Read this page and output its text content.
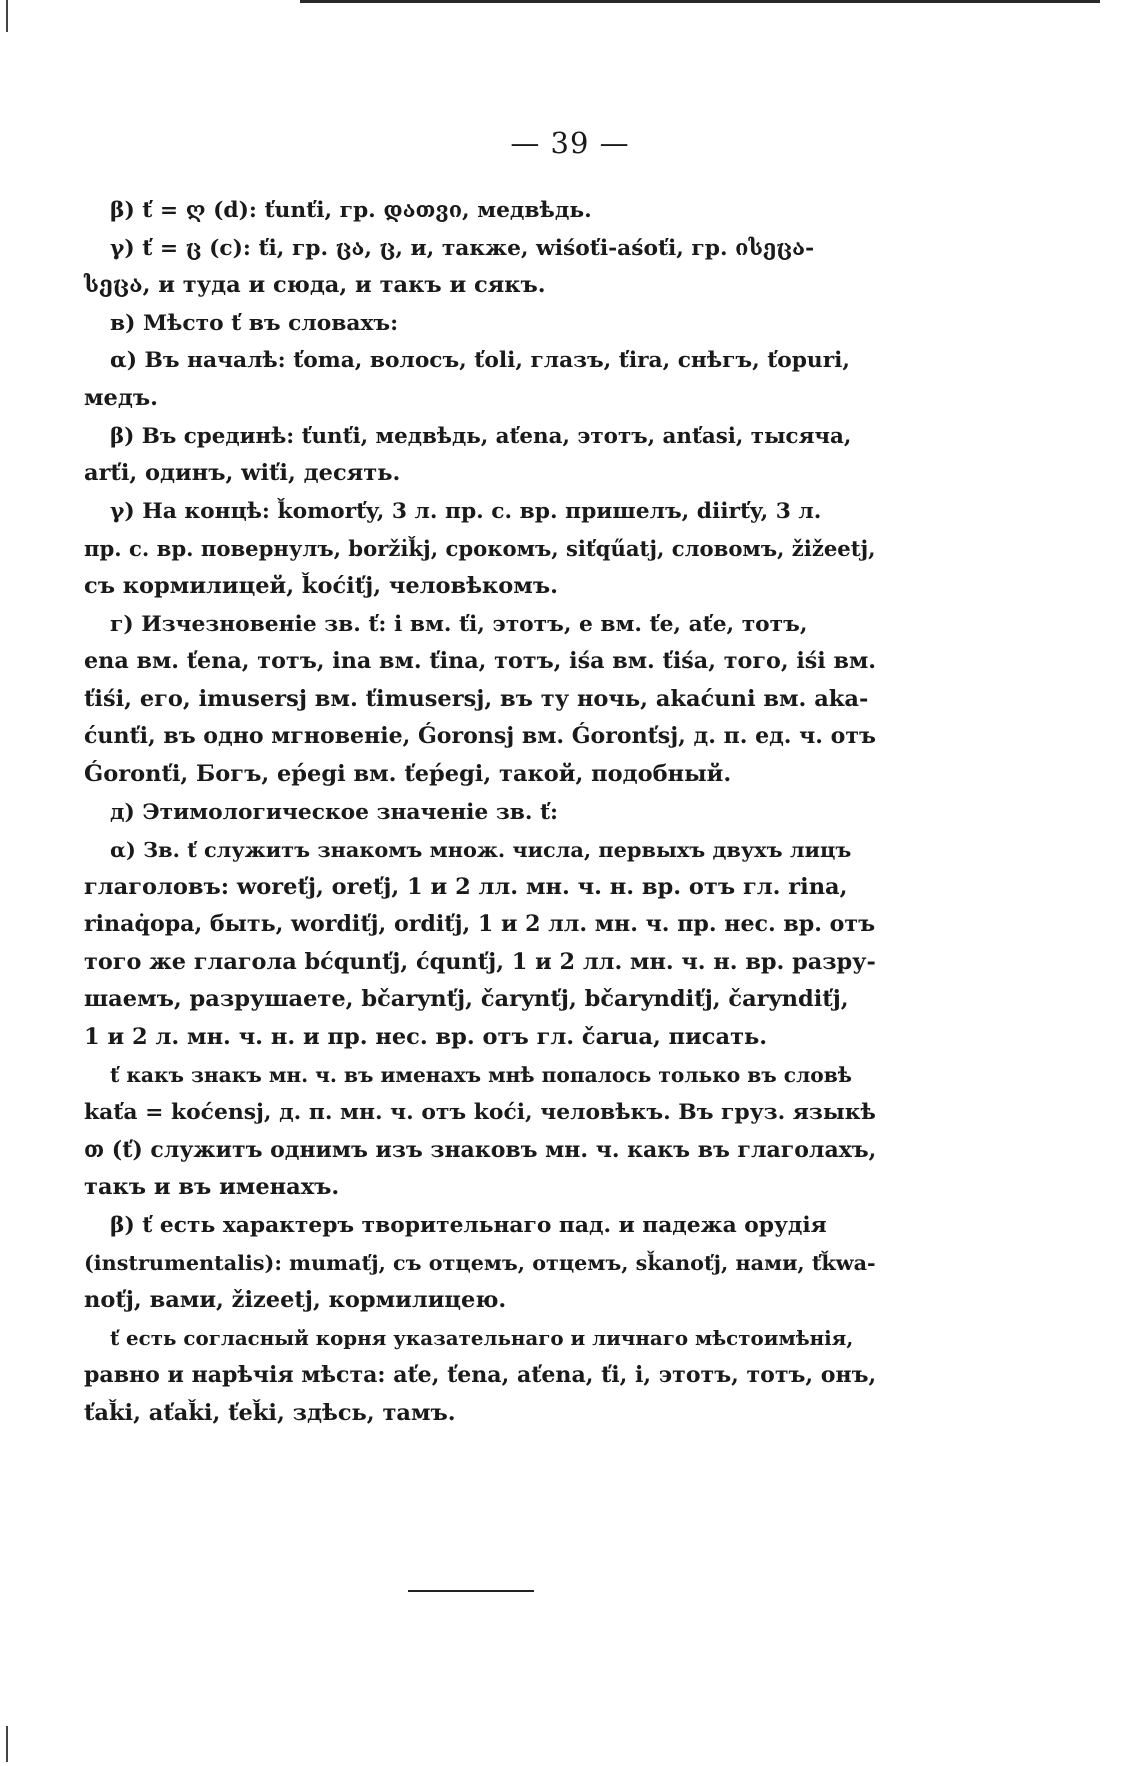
— 39 —

β) ť = ღ (d): ťunťi, гр. დათვი, медвѣдь.

γ) ť = ც (c): ťi, гр. ცა, ც, и, также, wiśoťi-aśoťi, гр. ისეცა-

სეცა, и туда и сюда, и такъ и сякъ.

в) Мѣсто ť въ словахъ:

α) Въ началѣ: ťoma, волосъ, ťoli, глазъ, ťira, снѣгъ, ťopuri,

медъ.

β) Въ срединѣ: ťunťi, медвѣдь, aťena, этотъ, anťasi, тысяча,

arťi, одинъ, wiťi, десять.

γ) На концѣ: ǩomorťy, 3 л. пр. с. вр. пришелъ, diirťy, 3 л.

пр. с. вр. повернулъ, borži̇ǩj, срокомъ, siťqűatj, словомъ, žižeetj,
съ кормилицей, ǩoćiťj, человѣкомъ.

г) Изчезновеніе зв. ť: i вм. ťi, этотъ, e вм. ťe, aťe, тотъ,

ena вм. ťena, тотъ, ina вм. ťina, тотъ, iśa вм. ťiśa, того, iśi вм.
ťiśi, его, imusersj вм. ťimusersj, въ ту ночь, akaćuni вм. aka-
ćunťi, въ одно мгновеніе, Ǵoronsj вм. Ǵoronťsj, д. п. ед. ч. отъ
Ǵoronťi, Богъ, eṕegi вм. ťeṕegi, такой, подобный.

д) Этимологическое значеніе зв. ť:

α) Зв. ť служитъ знакомъ множ. числа, первыхъ двухъ лицъ

глаголовъ: woreťj, oreťj, 1 и 2 лл. мн. ч. н. вр. отъ гл. rina,
rinaq̇opa, быть, wordiťj, ordiťj, 1 и 2 лл. мн. ч. пр. нес. вр. отъ
того же глагола bćqunťj, ćqunťj, 1 и 2 лл. мн. ч. н. вр. разру-
шаемъ, разрушаете, bčarynťj, čarynťj, bčaryndiťj, čaryndiťj,
1 и 2 л. мн. ч. н. и пр. нес. вр. отъ гл. čarua, писать.

ť какъ знакъ мн. ч. въ именахъ мнѣ попалось только въ словѣ

kaťa = koćensj, д. п. мн. ч. отъ koći, человѣкъ. Въ груз. языкѣ
თ (ť) служитъ однимъ изъ знаковъ мн. ч. какъ въ глаголахъ,
такъ и въ именахъ.

β) ť есть характеръ творительнаго пад. и падежа орудія

(instrumentalis): mumaťj, съ отцемъ, отцемъ, sǩanoťj, нами, ťǩwa-
noťj, вами, žizeetj, кормилицею.

ť есть согласный корня указательнаго и личнаго мѣстоимѣнія,

равно и нарѣчія мѣста: aťe, ťena, aťena, ťi, i, этотъ, тотъ, онъ,
ťaǩi, aťaǩi, ťeǩi, здѣсь, тамъ.
